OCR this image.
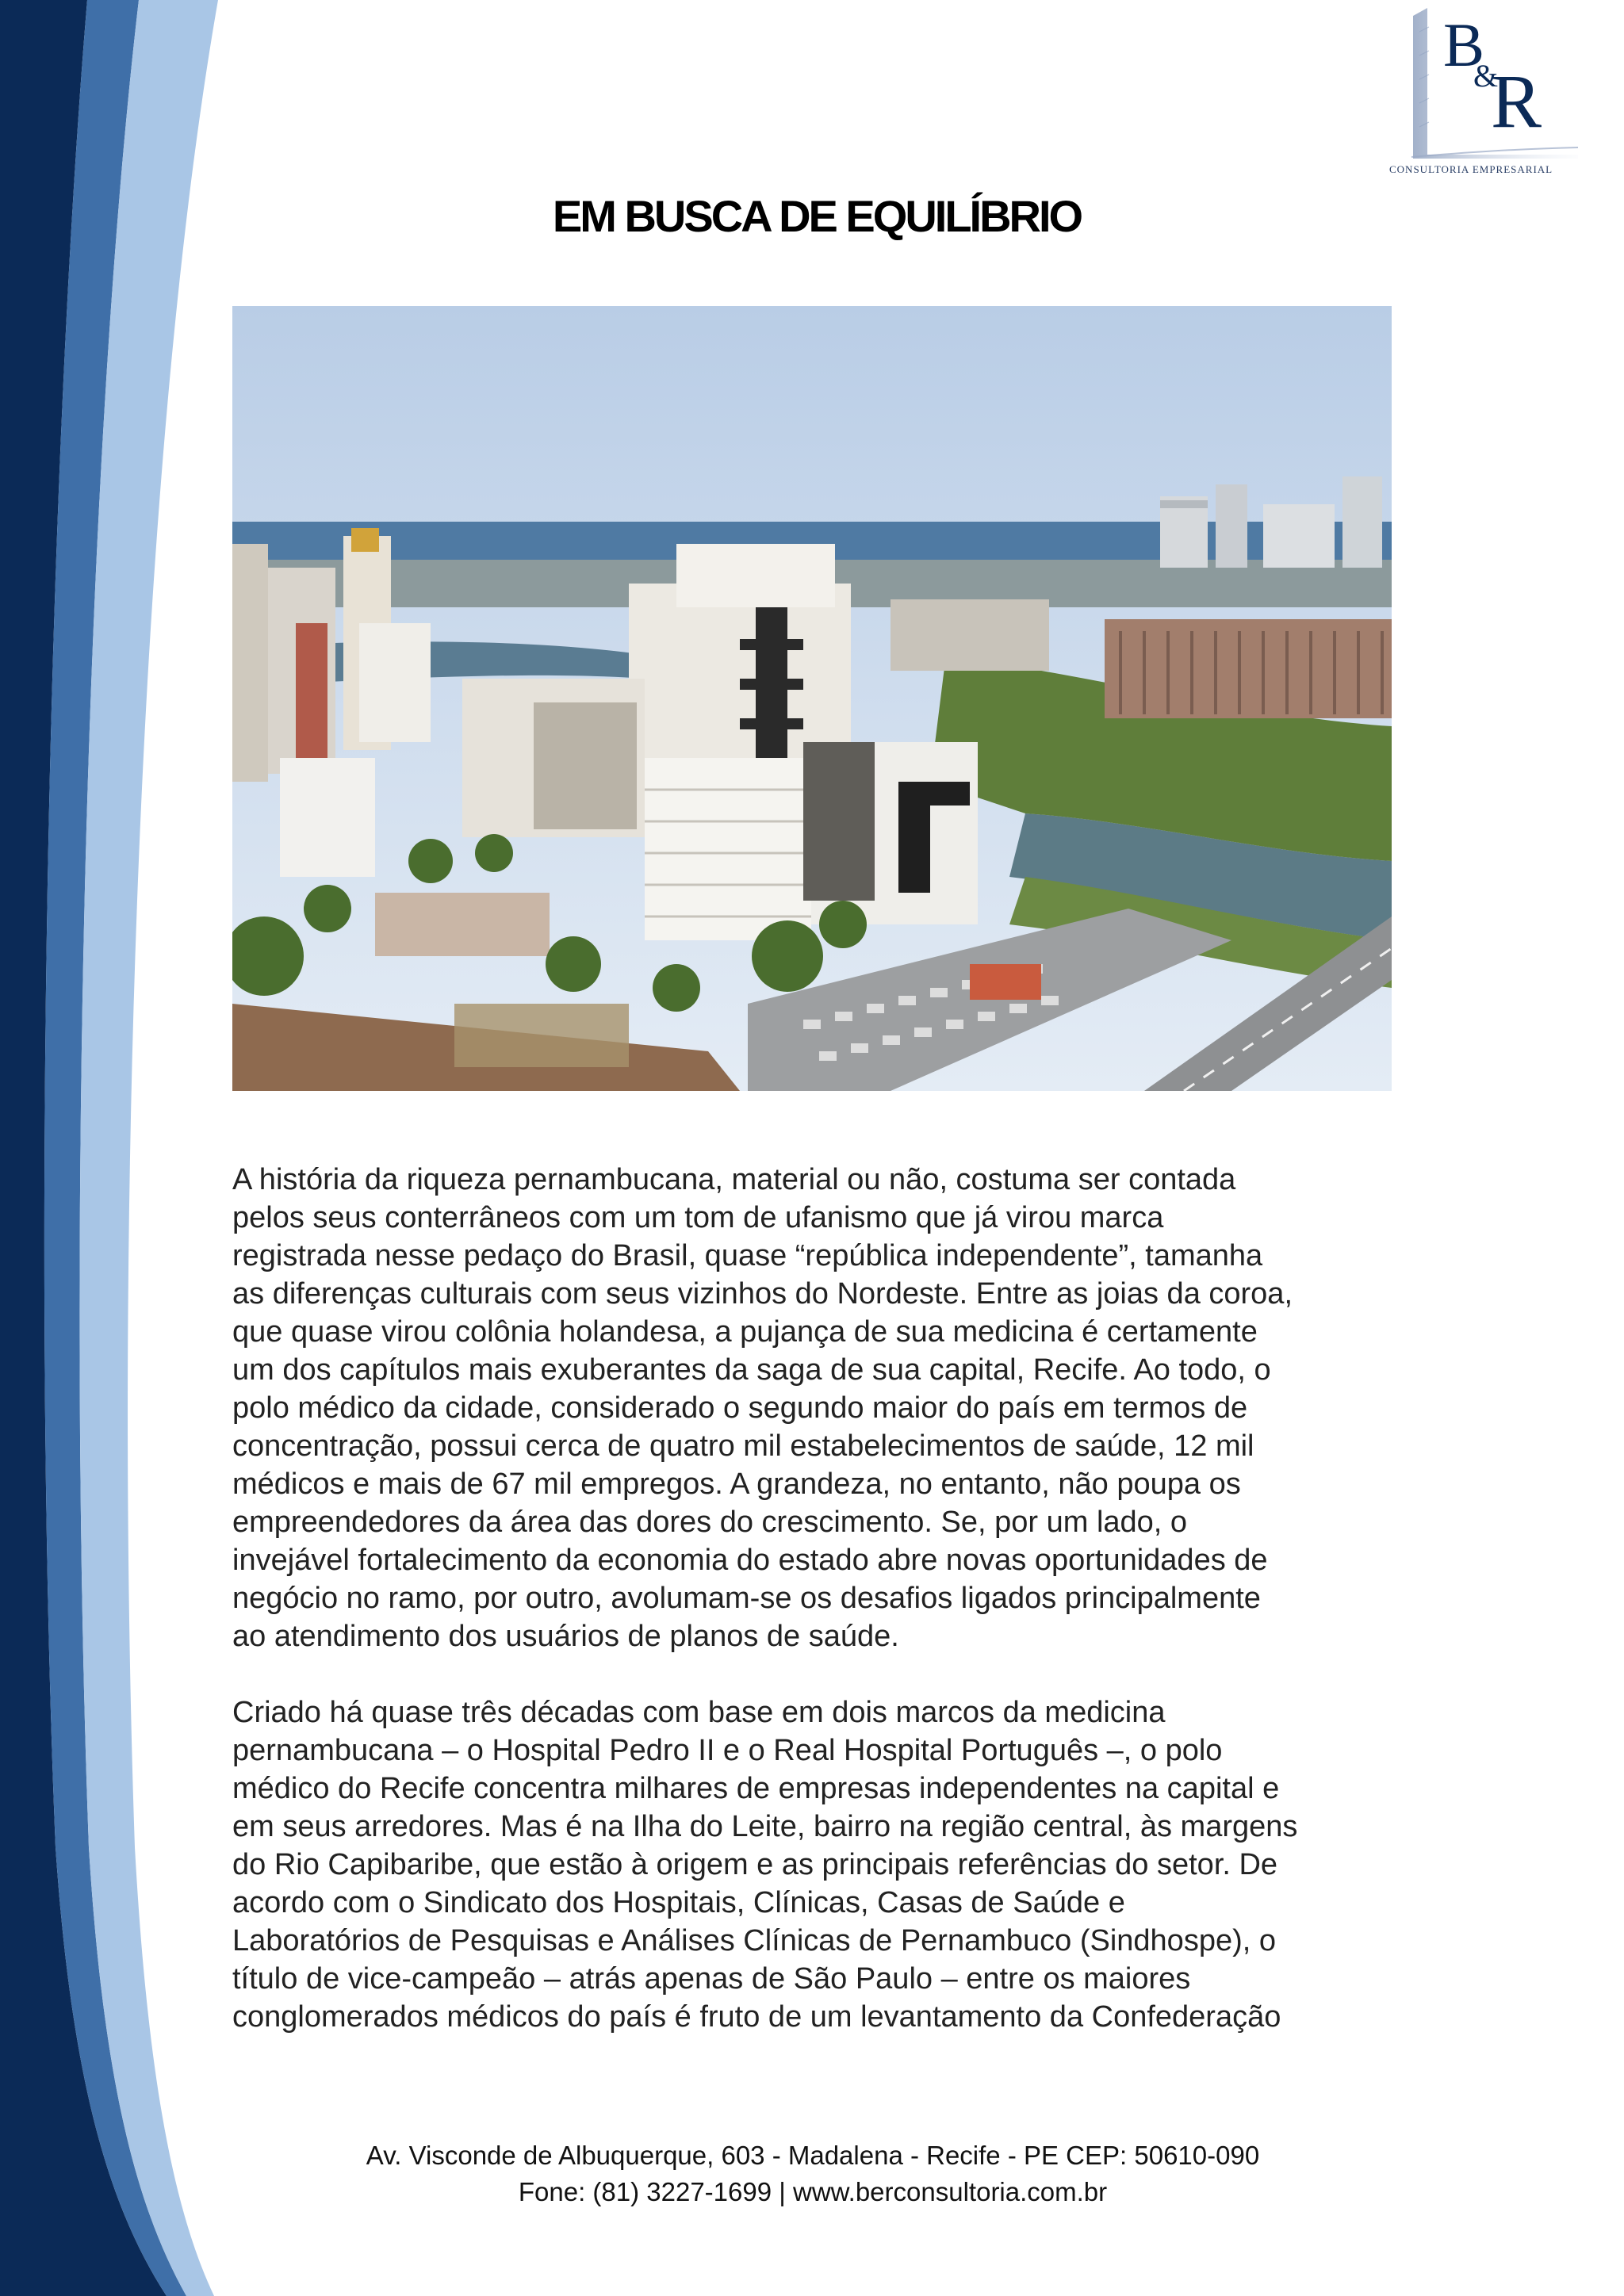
B
&
R
CONSULTORIA EMPRESARIAL
EM BUSCA DE EQUILÍBRIO

A história da riqueza pernambucana, material ou não, costuma ser contada
pelos seus conterrâneos com um tom de ufanismo que já virou marca
registrada nesse pedaço do Brasil, quase “república independente”, tamanha
as diferenças culturais com seus vizinhos do Nordeste. Entre as joias da coroa,
que quase virou colônia holandesa, a pujança de sua medicina é certamente
um dos capítulos mais exuberantes da saga de sua capital, Recife. Ao todo, o
polo médico da cidade, considerado o segundo maior do país em termos de
concentração, possui cerca de quatro mil estabelecimentos de saúde, 12 mil
médicos e mais de 67 mil empregos. A grandeza, no entanto, não poupa os
empreendedores da área das dores do crescimento. Se, por um lado, o
invejável fortalecimento da economia do estado abre novas oportunidades de
negócio no ramo, por outro, avolumam-se os desafios ligados principalmente
ao atendimento dos usuários de planos de saúde.

Criado há quase três décadas com base em dois marcos da medicina
pernambucana – o Hospital Pedro II e o Real Hospital Português –, o polo
médico do Recife concentra milhares de empresas independentes na capital e
em seus arredores. Mas é na Ilha do Leite, bairro na região central, às margens
do Rio Capibaribe, que estão à origem e as principais referências do setor. De
acordo com o Sindicato dos Hospitais, Clínicas, Casas de Saúde e
Laboratórios de Pesquisas e Análises Clínicas de Pernambuco (Sindhospe), o
título de vice-campeão – atrás apenas de São Paulo – entre os maiores
conglomerados médicos do país é fruto de um levantamento da Confederação

Av. Visconde de Albuquerque, 603 - Madalena - Recife - PE CEP: 50610-090
Fone: (81) 3227-1699 | www.berconsultoria.com.br
